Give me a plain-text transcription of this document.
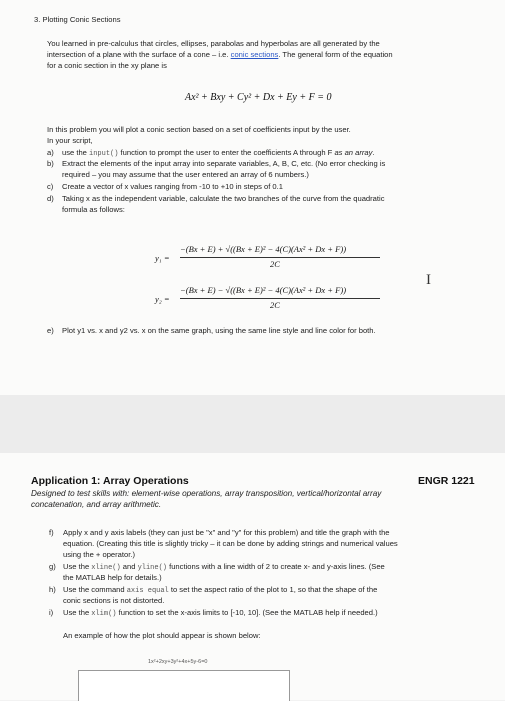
3. Plotting Conic Sections
You learned in pre-calculus that circles, ellipses, parabolas and hyperbolas are all generated by the
intersection of a plane with the surface of a cone – i.e. conic sections. The general form of the equation
for a conic section in the xy plane is
Ax² + Bxy + Cy² + Dx + Ey + F = 0
In this problem you will plot a conic section based on a set of coefficients input by the user.
In your script,
a) use the input() function to prompt the user to enter the coefficients A through F as an array.
b) Extract the elements of the input array into separate variables, A, B, C, etc. (No error checking is
required – you may assume that the user entered an array of 6 numbers.)
c) Create a vector of x values ranging from -10 to +10 in steps of 0.1
d) Taking x as the independent variable, calculate the two branches of the curve from the quadratic
formula as follows:
y₁ =
−(Bx + E) + √((Bx + E)² − 4(C)(Ax² + Dx + F))
2C
y₂ =
−(Bx + E) − √((Bx + E)² − 4(C)(Ax² + Dx + F))
2C
I
e) Plot y1 vs. x and y2 vs. x on the same graph, using the same line style and line color for both.
Application 1: Array Operations	ENGR 1221
Designed to test skills with: element-wise operations, array transposition, vertical/horizontal array
concatenation, and array arithmetic.
f) Apply x and y axis labels (they can just be "x" and "y" for this problem) and title the graph with the
equation. (Creating this title is slightly tricky – it can be done by adding strings and numerical values
using the + operator.)
g) Use the xline() and yline() functions with a line width of 2 to create x- and y-axis lines. (See
the MATLAB help for details.)
h) Use the command axis equal to set the aspect ratio of the plot to 1, so that the shape of the
conic sections is not distorted.
i) Use the xlim() function to set the x-axis limits to [-10, 10]. (See the MATLAB help if needed.)
An example of how the plot should appear is shown below:
1x²+2xy+3y²+4x+5y-6=0
